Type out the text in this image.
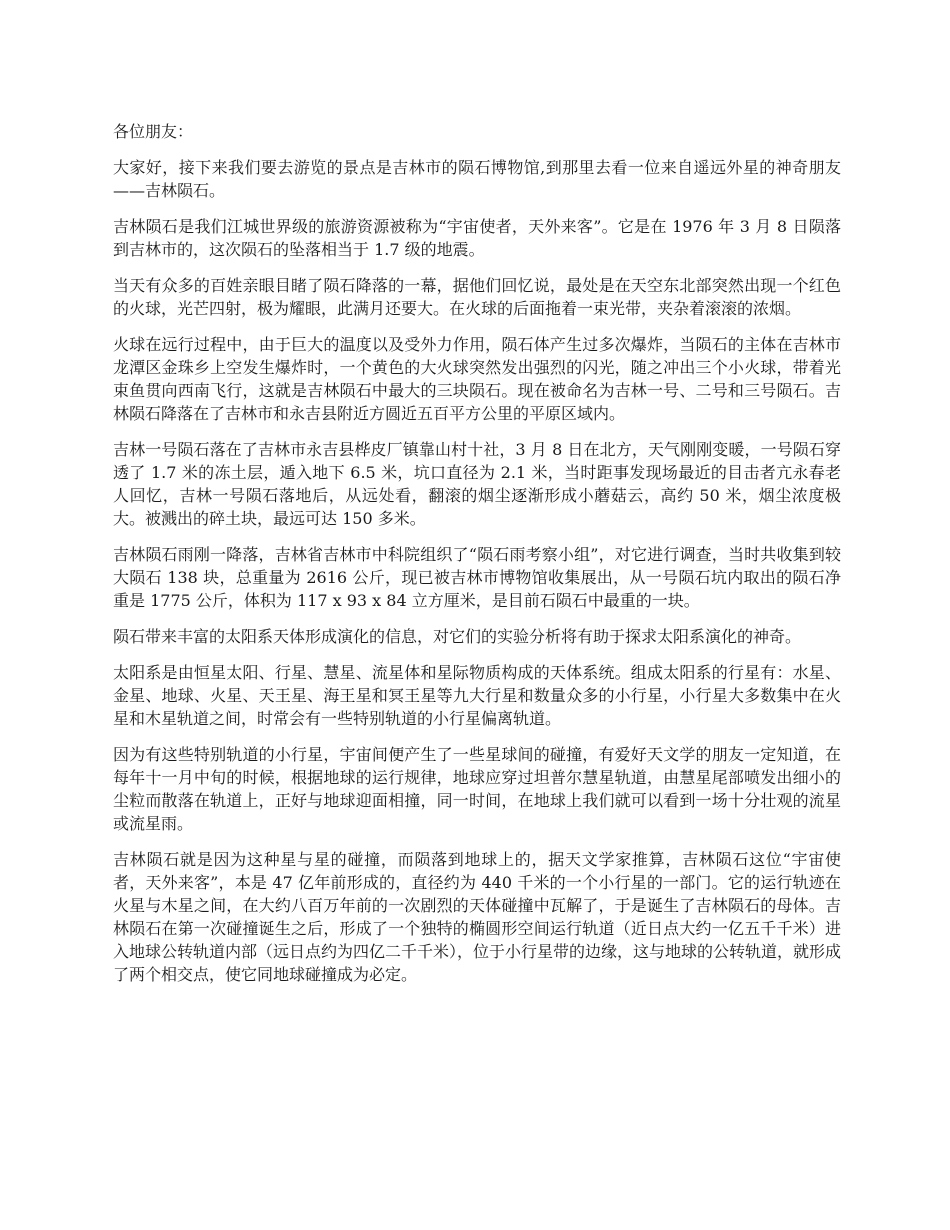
各位朋友：

大家好，接下来我们要去游览的景点是吉林市的陨石博物馆,到那里去看一位来自遥远外星的神奇朋友——吉林陨石。

吉林陨石是我们江城世界级的旅游资源被称为“宇宙使者，天外来客”。它是在 1976 年 3 月 8 日陨落到吉林市的，这次陨石的坠落相当于 1.7 级的地震。

当天有众多的百姓亲眼目睹了陨石降落的一幕，据他们回忆说，最处是在天空东北部突然出现一个红色的火球，光芒四射，极为耀眼，此满月还要大。在火球的后面拖着一束光带，夹杂着滚滚的浓烟。

火球在远行过程中，由于巨大的温度以及受外力作用，陨石体产生过多次爆炸，当陨石的主体在吉林市龙潭区金珠乡上空发生爆炸时，一个黄色的大火球突然发出强烈的闪光，随之冲出三个小火球，带着光束鱼贯向西南飞行，这就是吉林陨石中最大的三块陨石。现在被命名为吉林一号、二号和三号陨石。吉林陨石降落在了吉林市和永吉县附近方圆近五百平方公里的平原区域内。

吉林一号陨石落在了吉林市永吉县桦皮厂镇靠山村十社，3 月 8 日在北方，天气刚刚变暖，一号陨石穿透了 1.7 米的冻土层，遁入地下 6.5 米，坑口直径为 2.1 米，当时距事发现场最近的目击者亢永春老人回忆，吉林一号陨石落地后，从远处看，翻滚的烟尘逐渐形成小蘑菇云，高约 50 米，烟尘浓度极大。被溅出的碎土块，最远可达 150 多米。

吉林陨石雨刚一降落，吉林省吉林市中科院组织了“陨石雨考察小组”，对它进行调查，当时共收集到较大陨石 138 块，总重量为 2616 公斤，现已被吉林市博物馆收集展出，从一号陨石坑内取出的陨石净重是 1775 公斤，体积为 117 x 93 x 84 立方厘米，是目前石陨石中最重的一块。

陨石带来丰富的太阳系天体形成演化的信息，对它们的实验分析将有助于探求太阳系演化的神奇。

太阳系是由恒星太阳、行星、慧星、流星体和星际物质构成的天体系统。组成太阳系的行星有：水星、金星、地球、火星、天王星、海王星和冥王星等九大行星和数量众多的小行星，小行星大多数集中在火星和木星轨道之间，时常会有一些特别轨道的小行星偏离轨道。

因为有这些特别轨道的小行星，宇宙间便产生了一些星球间的碰撞，有爱好天文学的朋友一定知道，在每年十一月中旬的时候，根据地球的运行规律，地球应穿过坦普尔慧星轨道，由慧星尾部喷发出细小的尘粒而散落在轨道上，正好与地球迎面相撞，同一时间，在地球上我们就可以看到一场十分壮观的流星或流星雨。

吉林陨石就是因为这种星与星的碰撞，而陨落到地球上的，据天文学家推算，吉林陨石这位“宇宙使者，天外来客”，本是 47 亿年前形成的，直径约为 440 千米的一个小行星的一部门。它的运行轨迹在火星与木星之间，在大约八百万年前的一次剧烈的天体碰撞中瓦解了，于是诞生了吉林陨石的母体。吉林陨石在第一次碰撞诞生之后，形成了一个独特的椭圆形空间运行轨道（近日点大约一亿五千千米）进入地球公转轨道内部（远日点约为四亿二千千米），位于小行星带的边缘，这与地球的公转轨道，就形成了两个相交点，使它同地球碰撞成为必定。
